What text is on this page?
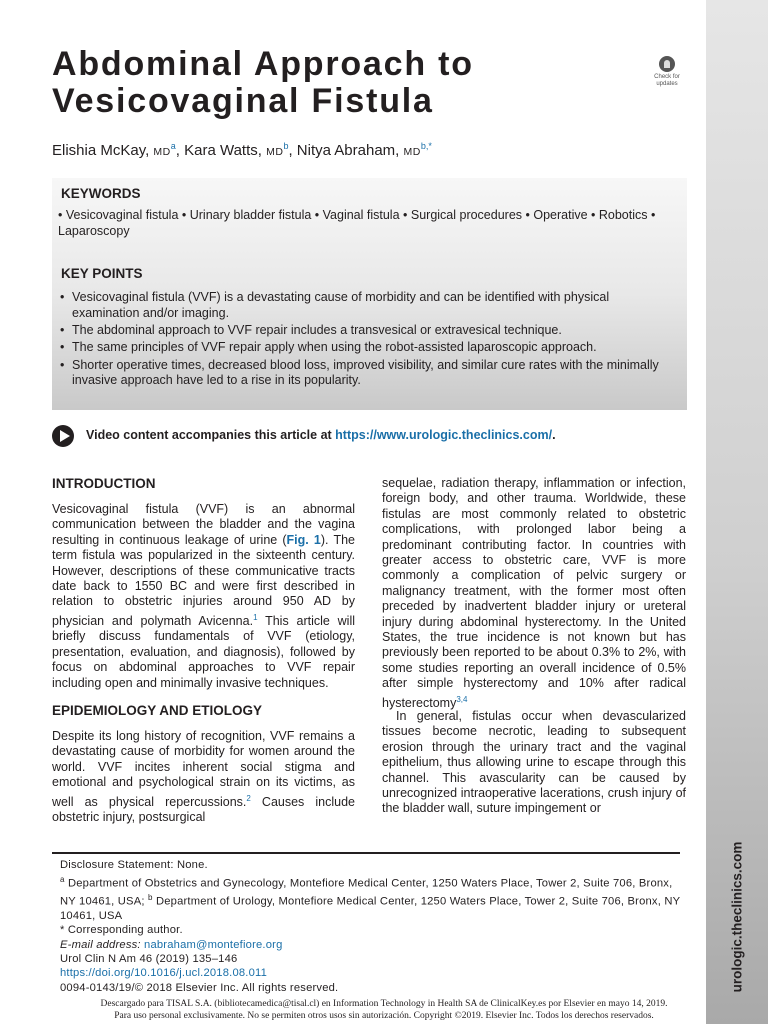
urologic.theclinics.com
Abdominal Approach to
Vesicovaginal Fistula
Check for
updates
Elishia McKay, $MD^a$, Kara Watts, $MD^b$, Nitya Abraham, $MD^{b,*}$
KEYWORDS
• Vesicovaginal fistula • Urinary bladder fistula • Vaginal fistula • Surgical procedures • Operative • Robotics • Laparoscopy
KEY POINTS
• Vesicovaginal fistula (VVF) is a devastating cause of morbidity and can be identified with physical examination and/or imaging.
• The abdominal approach to VVF repair includes a transvesical or extravesical technique.
• The same principles of VVF repair apply when using the robot-assisted laparoscopic approach.
• Shorter operative times, decreased blood loss, improved visibility, and similar cure rates with the minimally invasive approach have led to a rise in its popularity.
Video content accompanies this article at https://www.urologic.theclinics.com/.
INTRODUCTION

Vesicovaginal fistula (VVF) is an abnormal communication between the bladder and the vagina resulting in continuous leakage of urine (Fig. 1). The term fistula was popularized in the sixteenth century. However, descriptions of these communicative tracts date back to 1550 BC and were first described in relation to obstetric injuries around 950 AD by physician and polymath Avicenna.$^1$ This article will briefly discuss fundamentals of VVF (etiology, presentation, evaluation, and diagnosis), followed by focus on abdominal approaches to VVF repair including open and minimally invasive techniques.

EPIDEMIOLOGY AND ETIOLOGY

Despite its long history of recognition, VVF remains a devastating cause of morbidity for women around the world. VVF incites inherent social stigma and emotional and psychological strain on its victims, as well as physical repercussions.$^2$ Causes include obstetric injury, postsurgical

sequelae, radiation therapy, inflammation or infection, foreign body, and other trauma. Worldwide, these fistulas are most commonly related to obstetric complications, with prolonged labor being a predominant contributing factor. In countries with greater access to obstetric care, VVF is more commonly a complication of pelvic surgery or malignancy treatment, with the former most often preceded by inadvertent bladder injury or ureteral injury during abdominal hysterectomy. In the United States, the true incidence is not known but has previously been reported to be about 0.3% to 2%, with some studies reporting an overall incidence of 0.5% after simple hysterectomy and 10% after radical hysterectomy$^{3,4}$

In general, fistulas occur when devascularized tissues become necrotic, leading to subsequent erosion through the urinary tract and the vaginal epithelium, thus allowing urine to escape through this channel. This avascularity can be caused by unrecognized intraoperative lacerations, crush injury of the bladder wall, suture impingement or

Disclosure Statement: None.
$^a$ Department of Obstetrics and Gynecology, Montefiore Medical Center, 1250 Waters Place, Tower 2, Suite 706, Bronx, NY 10461, USA; $^b$ Department of Urology, Montefiore Medical Center, 1250 Waters Place, Tower 2, Suite 706, Bronx, NY 10461, USA
* Corresponding author.
E-mail address: nabraham@montefiore.org
Urol Clin N Am 46 (2019) 135–146
https://doi.org/10.1016/j.ucl.2018.08.011
0094-0143/19/© 2018 Elsevier Inc. All rights reserved.
Descargado para TISAL S.A. (bibliotecamedica@tisal.cl) en Information Technology in Health SA de ClinicalKey.es por Elsevier en mayo 14, 2019.
Para uso personal exclusivamente. No se permiten otros usos sin autorización. Copyright ©2019. Elsevier Inc. Todos los derechos reservados.
